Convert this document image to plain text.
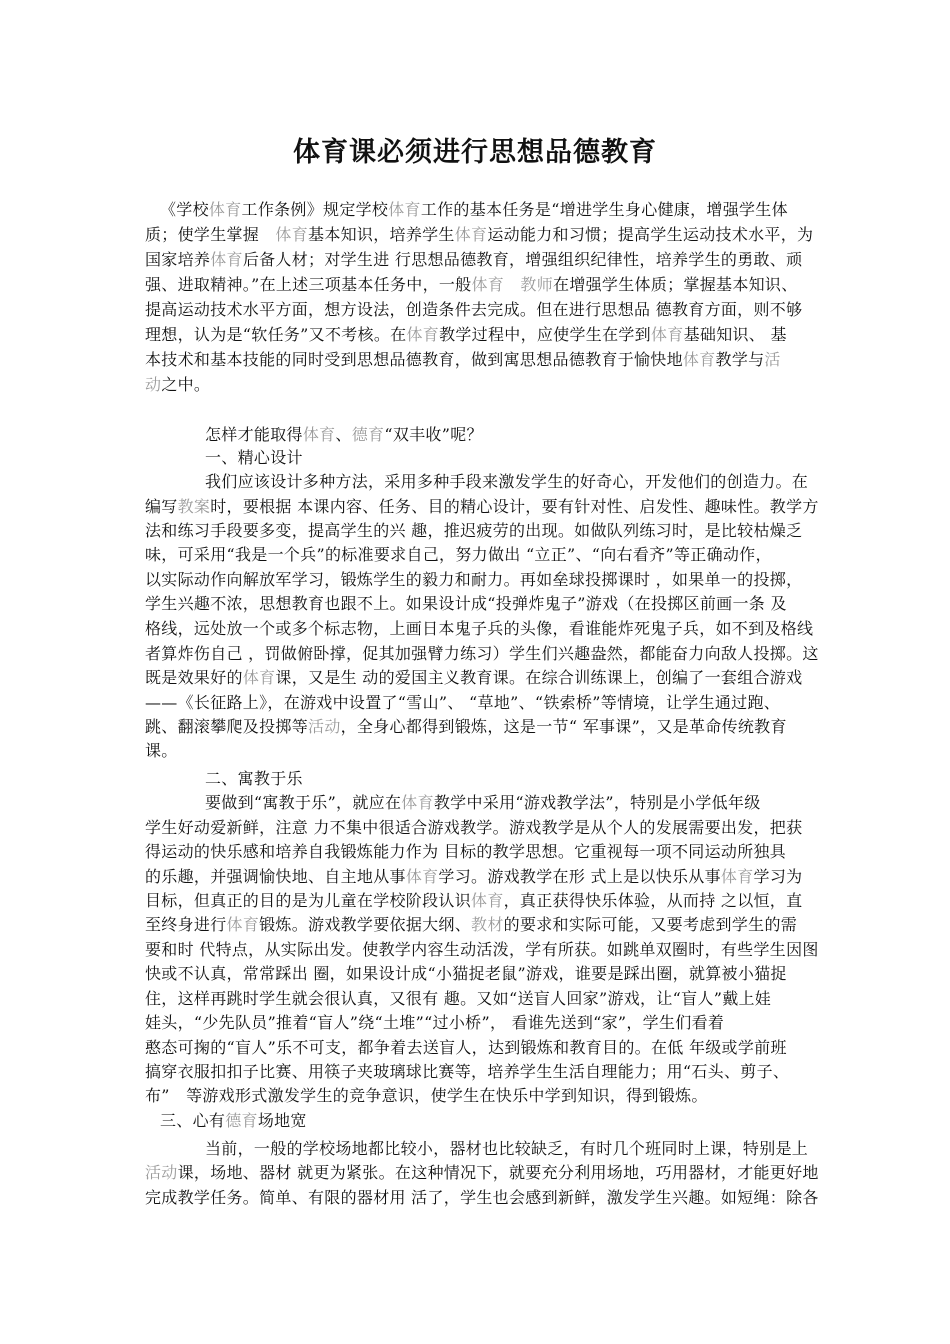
体育课必须进行思想品德教育
《学校体育工作条例》规定学校体育工作的基本任务是“增进学生身心健康，增强学生体
质；使学生掌握　体育基本知识，培养学生体育运动能力和习惯；提高学生运动技术水平，为
国家培养体育后备人材；对学生进 行思想品德教育，增强组织纪律性，培养学生的勇敢、顽
强、进取精神。”在上述三项基本任务中，一般体育　 教师在增强学生体质；掌握基本知识、
提高运动技术水平方面，想方设法，创造条件去完成。但在进行思想品 德教育方面，则不够
理想，认为是“软任务”又不考核。在体育教学过程中，应使学生在学到体育基础知识、 基
本技术和基本技能的同时受到思想品德教育，做到寓思想品德教育于愉快地体育教学与活
动之中。
怎样才能取得体育、德育“双丰收”呢？
一、精心设计
我们应该设计多种方法，采用多种手段来激发学生的好奇心，开发他们的创造力。在
编写教案时，要根据 本课内容、任务、目的精心设计，要有针对性、启发性、趣味性。教学方
法和练习手段要多变，提高学生的兴 趣，推迟疲劳的出现。如做队列练习时，是比较枯燥乏
味，可采用“我是一个兵”的标准要求自己，努力做出 “立正”、“向右看齐”等正确动作，
以实际动作向解放军学习，锻炼学生的毅力和耐力。再如垒球投掷课时 ，如果单一的投掷，
学生兴趣不浓，思想教育也跟不上。如果设计成“投弹炸鬼子”游戏（在投掷区前画一条 及
格线，远处放一个或多个标志物，上画日本鬼子兵的头像，看谁能炸死鬼子兵，如不到及格线
者算炸伤自己 ，罚做俯卧撑，促其加强臂力练习）学生们兴趣盎然，都能奋力向敌人投掷。这
既是效果好的体育课，又是生 动的爱国主义教育课。在综合训练课上，创编了一套组合游戏
——《长征路上》，在游戏中设置了“雪山”、 “草地”、“铁索桥”等情境，让学生通过跑、
跳、翻滚攀爬及投掷等活动，全身心都得到锻炼，这是一节“ 军事课”，又是革命传统教育
课。
二、寓教于乐
要做到“寓教于乐”，就应在体育教学中采用“游戏教学法”，特别是小学低年级
学生好动爱新鲜，注意 力不集中很适合游戏教学。游戏教学是从个人的发展需要出发，把获
得运动的快乐感和培养自我锻炼能力作为 目标的教学思想。它重视每一项不同运动所独具
的乐趣，并强调愉快地、自主地从事体育学习。游戏教学在形 式上是以快乐从事体育学习为
目标，但真正的目的是为儿童在学校阶段认识体育，真正获得快乐体验，从而持 之以恒，直
至终身进行体育锻炼。游戏教学要依据大纲、教材的要求和实际可能，又要考虑到学生的需
要和时 代特点，从实际出发。使教学内容生动活泼，学有所获。如跳单双圈时，有些学生因图
快或不认真，常常踩出 圈，如果设计成“小猫捉老鼠”游戏，谁要是踩出圈，就算被小猫捉
住，这样再跳时学生就会很认真，又很有 趣。又如“送盲人回家”游戏，让“盲人”戴上娃
娃头，“少先队员”推着“盲人”绕“土堆”“过小桥”， 看谁先送到“家”，学生们看着
憨态可掬的“盲人”乐不可支，都争着去送盲人，达到锻炼和教育目的。在低 年级或学前班
搞穿衣服扣扣子比赛、用筷子夹玻璃球比赛等，培养学生生活自理能力；用“石头、剪子、
布”　等游戏形式激发学生的竞争意识，使学生在快乐中学到知识，得到锻炼。
三、心有德育场地宽
当前，一般的学校场地都比较小，器材也比较缺乏，有时几个班同时上课，特别是上
活动课，场地、器材 就更为紧张。在这种情况下，就要充分利用场地，巧用器材，才能更好地
完成教学任务。简单、有限的器材用 活了，学生也会感到新鲜，激发学生兴趣。如短绳：除各
